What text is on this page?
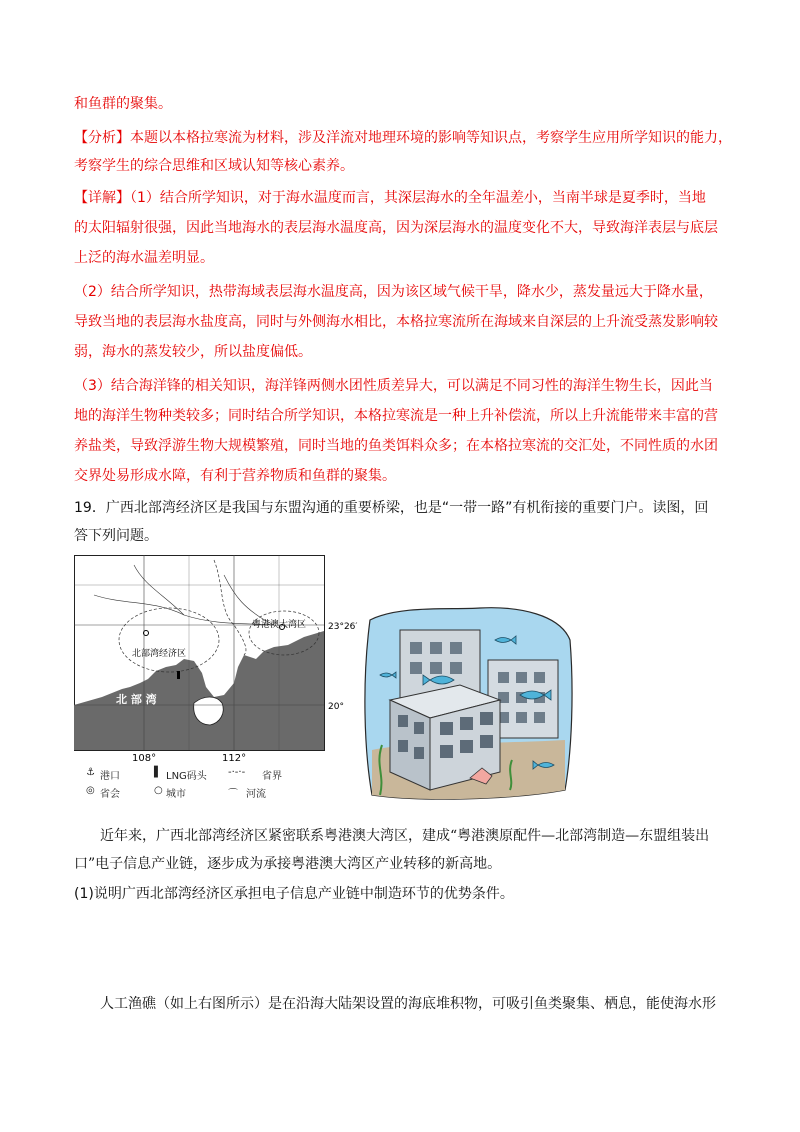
和鱼群的聚集。
【分析】本题以本格拉寒流为材料，涉及洋流对地理环境的影响等知识点，考察学生应用所学知识的能力，
考察学生的综合思维和区域认知等核心素养。
【详解】（1）结合所学知识，对于海水温度而言，其深层海水的全年温差小，当南半球是夏季时，当地
的太阳辐射很强，因此当地海水的表层海水温度高，因为深层海水的温度变化不大，导致海洋表层与底层
上泛的海水温差明显。
（2）结合所学知识，热带海域表层海水温度高，因为该区域气候干旱，降水少，蒸发量远大于降水量，
导致当地的表层海水盐度高，同时与外侧海水相比，本格拉寒流所在海域来自深层的上升流受蒸发影响较
弱，海水的蒸发较少，所以盐度偏低。
（3）结合海洋锋的相关知识，海洋锋两侧水团性质差异大，可以满足不同习性的海洋生物生长，因此当
地的海洋生物种类较多；同时结合所学知识，本格拉寒流是一种上升补偿流，所以上升流能带来丰富的营
养盐类，导致浮游生物大规模繁殖，同时当地的鱼类饵料众多；在本格拉寒流的交汇处，不同性质的水团
交界处易形成水障，有利于营养物质和鱼群的聚集。
19．广西北部湾经济区是我国与东盟沟通的重要桥梁，也是“一带一路”有机衔接的重要门户。读图，回
答下列问题。
粤港澳大湾区
北部湾经济区
北 部 湾
23°26′
20°
108°	112°
⚓ 港口	▌ LNG码头 -·-·- 省界
◎ 省会	○ 城市	⌒ 河流
近年来，广西北部湾经济区紧密联系粤港澳大湾区，建成“粤港澳原配件—北部湾制造—东盟组装出
口”电子信息产业链，逐步成为承接粤港澳大湾区产业转移的新高地。
(1)说明广西北部湾经济区承担电子信息产业链中制造环节的优势条件。
人工渔礁（如上右图所示）是在沿海大陆架设置的海底堆积物，可吸引鱼类聚集、栖息，能使海水形
